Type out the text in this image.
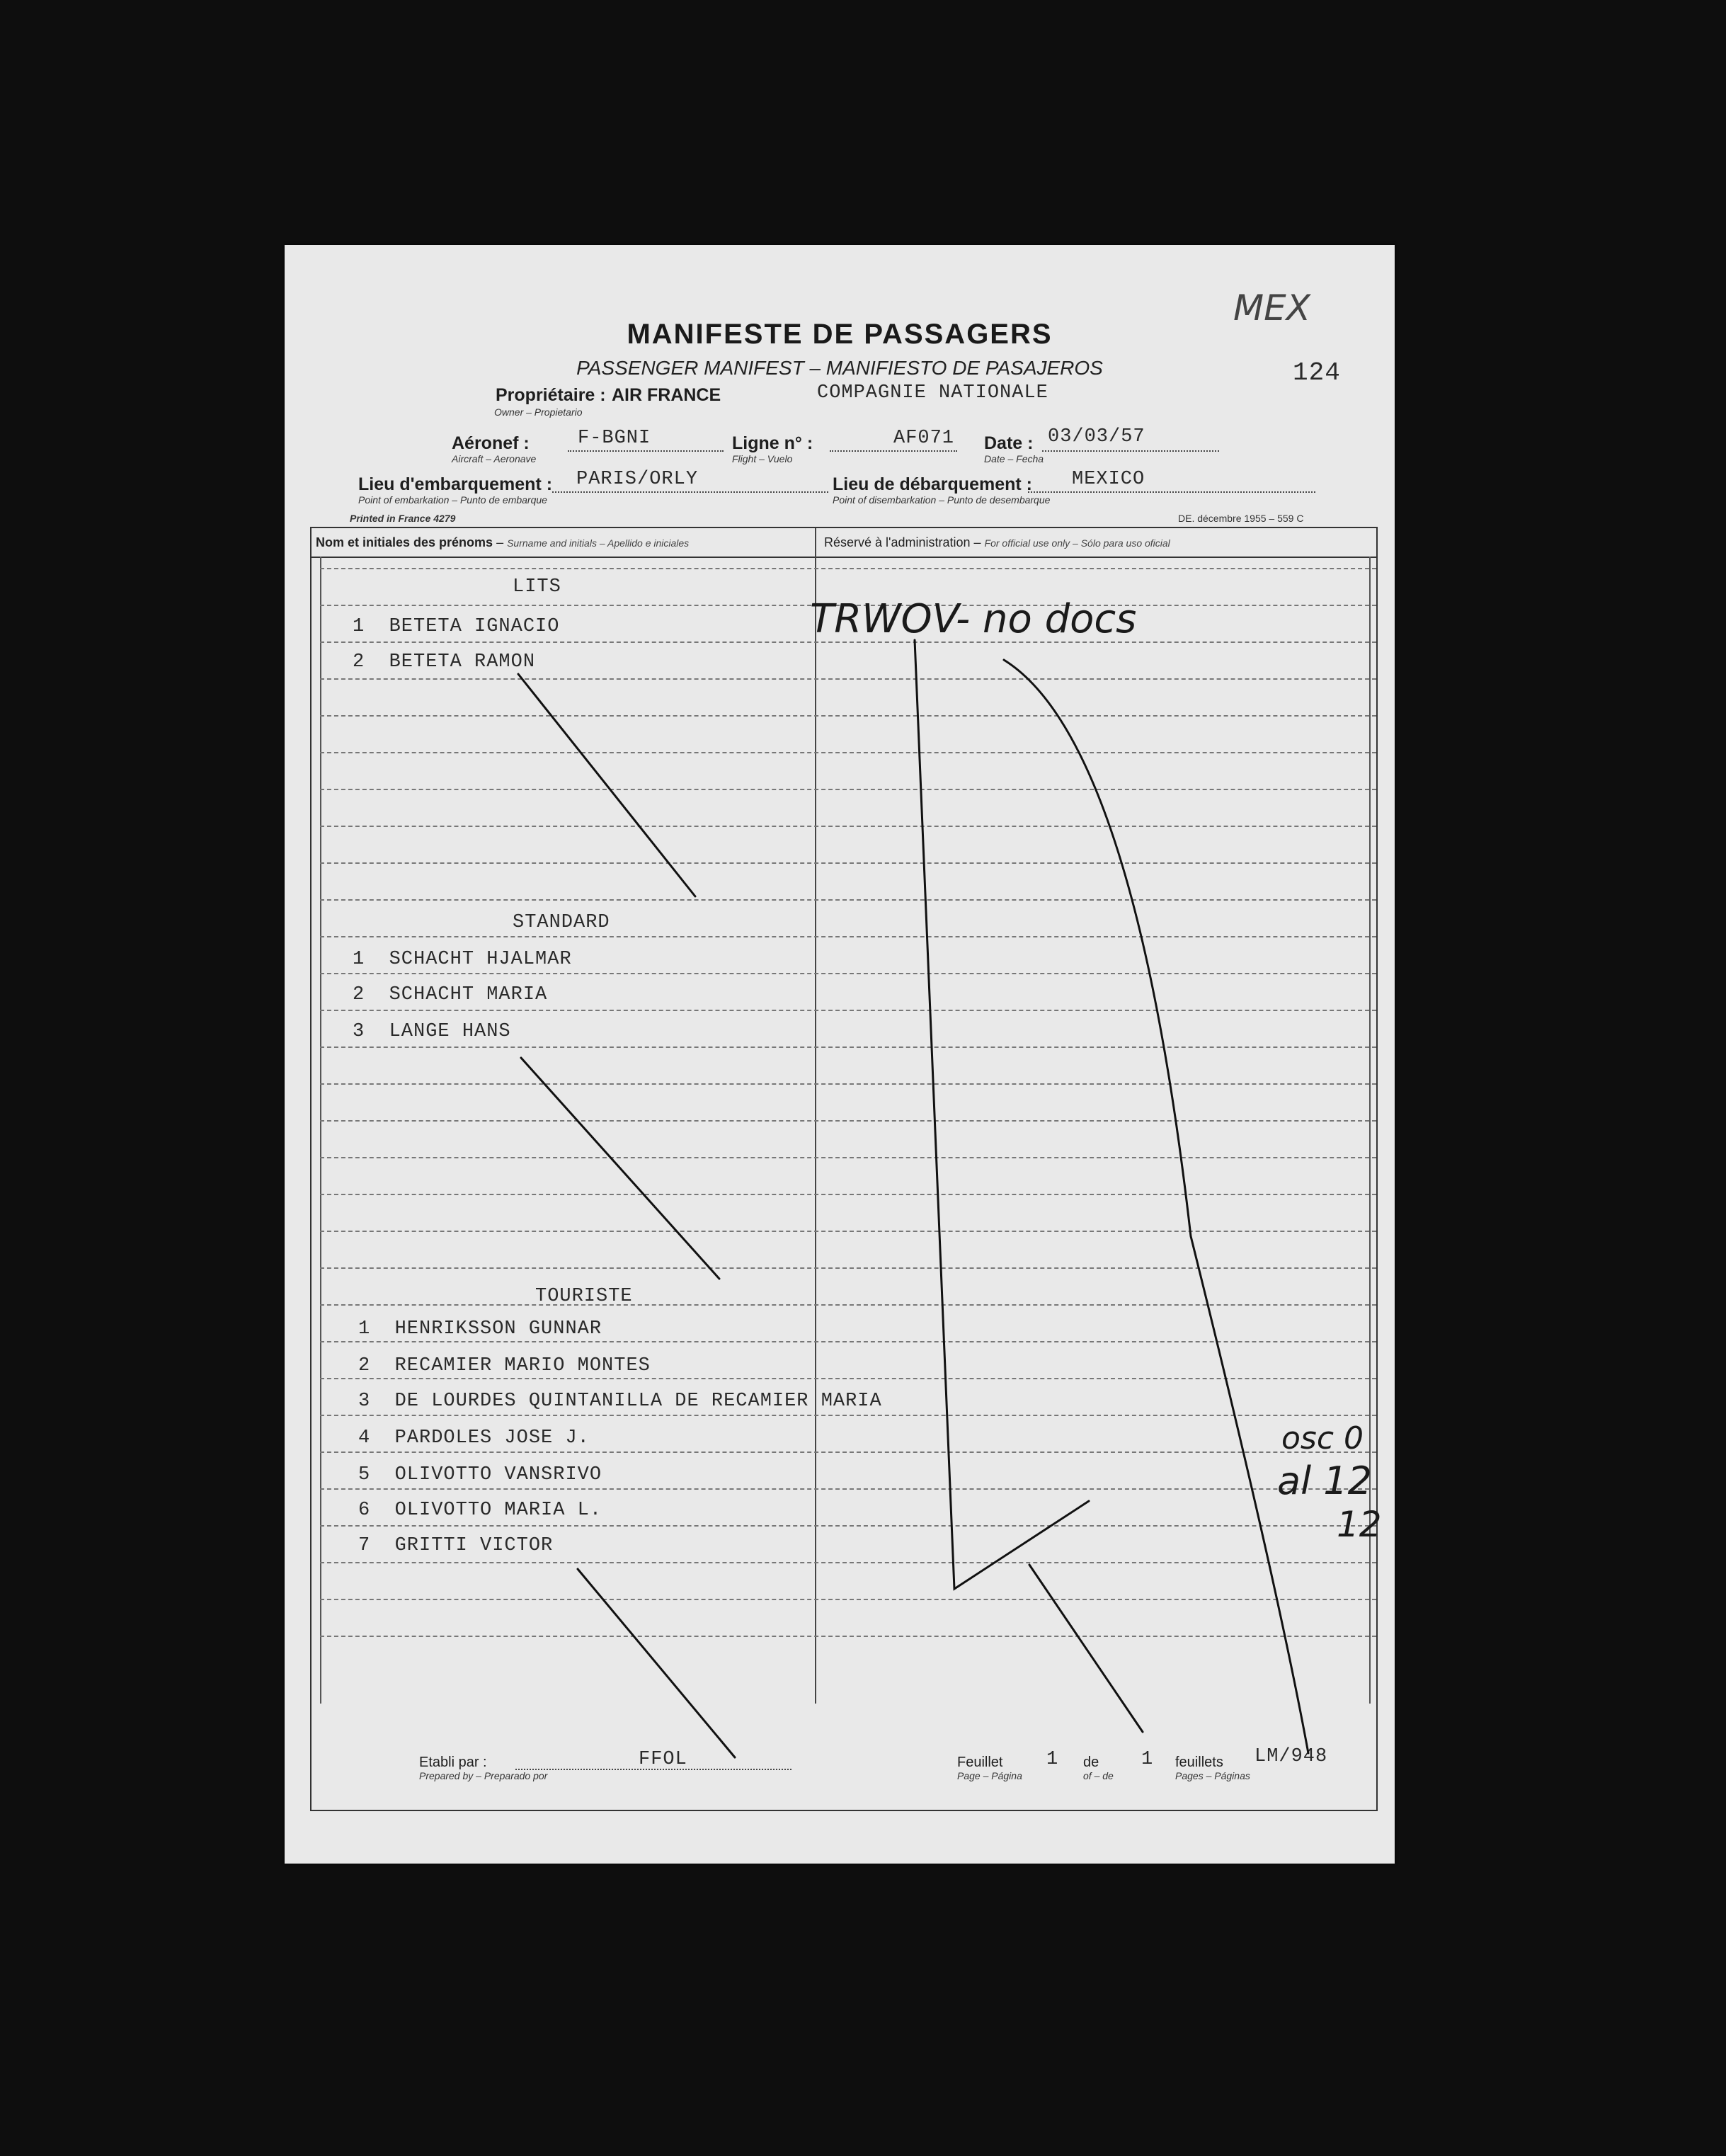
MANIFESTE DE PASSAGERS
PASSENGER MANIFEST – MANIFIESTO DE PASAJEROS	124
MEX
Propriétaire : AIR FRANCE	COMPAGNIE NATIONALE
Owner – Propietario
Aéronef :	F-BGNI
Aircraft – Aeronave
Ligne n° :	AF071
Flight – Vuelo
Date : 03/03/57
Date – Fecha
Lieu d'embarquement : PARIS/ORLY
Point of embarkation – Punto de embarque
Lieu de débarquement : MEXICO
Point of disembarkation – Punto de desembarque
Printed in France 4279	DE. décembre 1955 – 559 C
Nom et initiales des prénoms – Surname and initials – Apellido e iniciales	Réservé à l'administration – For official use only – Sólo para uso oficial
LITS
STANDARD
TOURISTE
1 BETETA IGNACIO
2 BETETA RAMON
1 SCHACHT HJALMAR
2 SCHACHT MARIA
3 LANGE HANS
1 HENRIKSSON GUNNAR
2 RECAMIER MARIO MONTES
3 DE LOURDES QUINTANILLA DE RECAMIER MARIA
4 PARDOLES JOSE J.
5 OLIVOTTO VANSRIVO
6 OLIVOTTO MARIA L.
7 GRITTI VICTOR
TRWOV- no docs
osc 0
al 12
12
Etabli par :
Prepared by – Preparado por
FFOL	Feuillet
Page – Página
1 de
of – de
1 feuillets
Pages – Páginas
LM/948
